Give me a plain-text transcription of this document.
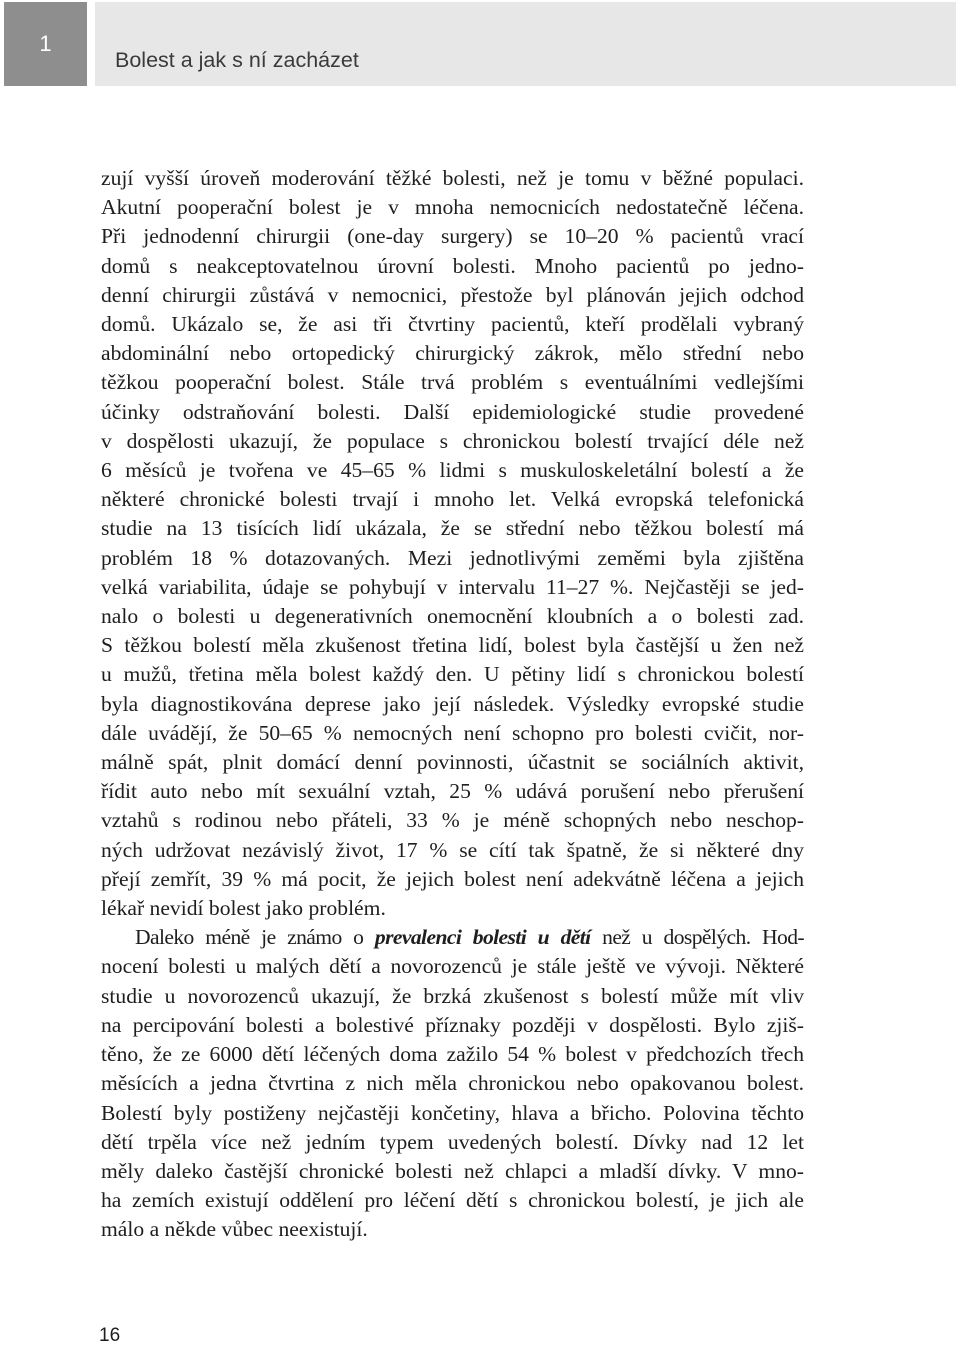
1
Bolest a jak s ní zacházet
zují vyšší úroveň moderování těžké bolesti, než je tomu v běžné populaci.
Akutní pooperační bolest je v mnoha nemocnicích nedostatečně léčena.
Při jednodenní chirurgii (one-day surgery) se 10–20 % pacientů vrací
domů s neakceptovatelnou úrovní bolesti. Mnoho pacientů po jedno-
denní chirurgii zůstává v nemocnici, přestože byl plánován jejich odchod
domů. Ukázalo se, že asi tři čtvrtiny pacientů, kteří prodělali vybraný
abdominální nebo ortopedický chirurgický zákrok, mělo střední nebo
těžkou pooperační bolest. Stále trvá problém s eventuálními vedlejšími
účinky odstraňování bolesti. Další epidemiologické studie provedené
v dospělosti ukazují, že populace s chronickou bolestí trvající déle než
6 měsíců je tvořena ve 45–65 % lidmi s muskuloskeletální bolestí a že
některé chronické bolesti trvají i mnoho let. Velká evropská telefonická
studie na 13 tisících lidí ukázala, že se střední nebo těžkou bolestí má
problém 18 % dotazovaných. Mezi jednotlivými zeměmi byla zjištěna
velká variabilita, údaje se pohybují v intervalu 11–27 %. Nejčastěji se jed-
nalo o bolesti u degenerativních onemocnění kloubních a o bolesti zad.
S těžkou bolestí měla zkušenost třetina lidí, bolest byla častější u žen než
u mužů, třetina měla bolest každý den. U pětiny lidí s chronickou bolestí
byla diagnostikována deprese jako její následek. Výsledky evropské studie
dále uvádějí, že 50–65 % nemocných není schopno pro bolesti cvičit, nor-
málně spát, plnit domácí denní povinnosti, účastnit se sociálních aktivit,
řídit auto nebo mít sexuální vztah, 25 % udává porušení nebo přerušení
vztahů s rodinou nebo přáteli, 33 % je méně schopných nebo neschop-
ných udržovat nezávislý život, 17 % se cítí tak špatně, že si některé dny
přejí zemřít, 39 % má pocit, že jejich bolest není adekvátně léčena a jejich
lékař nevidí bolest jako problém.
Daleko méně je známo o prevalenci bolesti u dětí než u dospělých. Hod-
nocení bolesti u malých dětí a novorozenců je stále ještě ve vývoji. Některé
studie u novorozenců ukazují, že brzká zkušenost s bolestí může mít vliv
na percipování bolesti a bolestivé příznaky později v dospělosti. Bylo zjiš-
těno, že ze 6000 dětí léčených doma zažilo 54 % bolest v předchozích třech
měsících a jedna čtvrtina z nich měla chronickou nebo opakovanou bolest.
Bolestí byly postiženy nejčastěji končetiny, hlava a břicho. Polovina těchto
dětí trpěla více než jedním typem uvedených bolestí. Dívky nad 12 let
měly daleko častější chronické bolesti než chlapci a mladší dívky. V mno-
ha zemích existují oddělení pro léčení dětí s chronickou bolestí, je jich ale
málo a někde vůbec neexistují.
16
